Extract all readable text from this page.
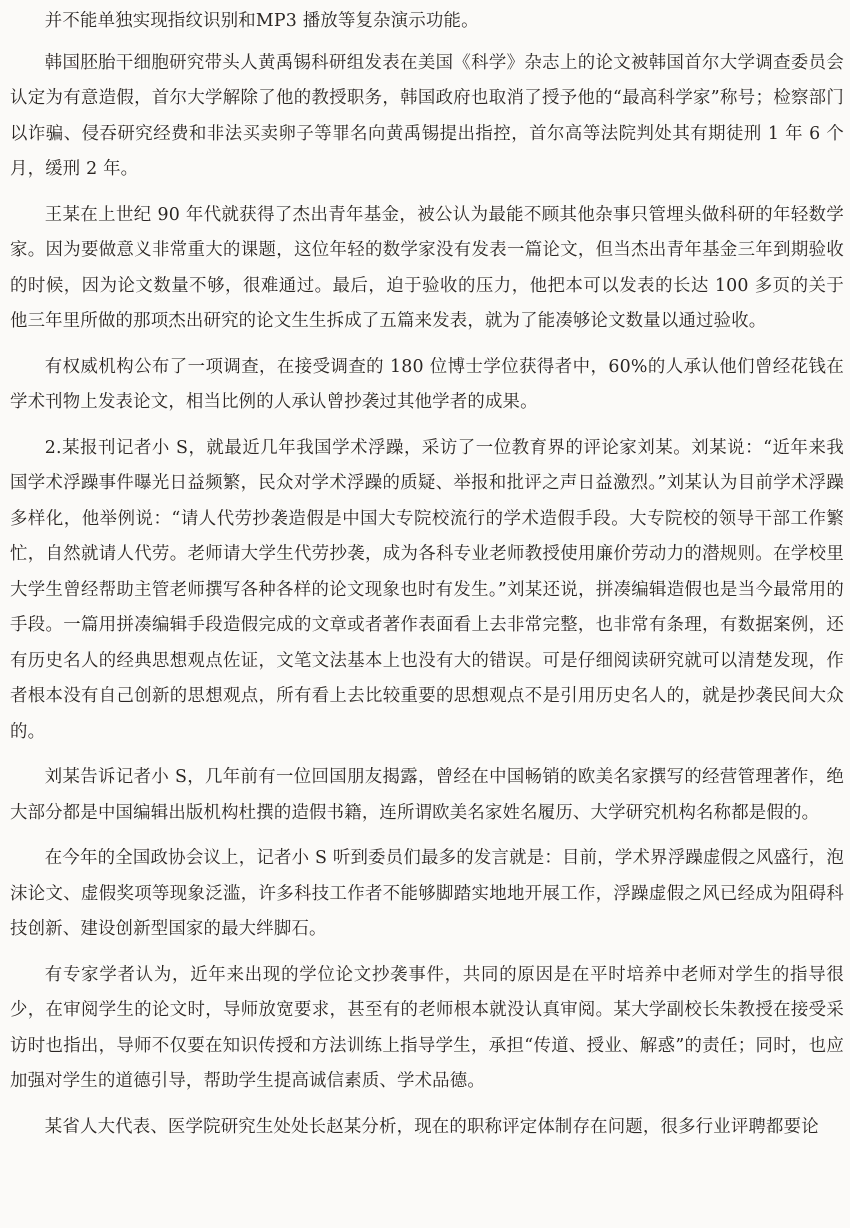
并不能单独实现指纹识别和MP3 播放等复杂演示功能。

韩国胚胎干细胞研究带头人黄禹锡科研组发表在美国《科学》杂志上的论文被韩国首尔大学调查委员会认定为有意造假，首尔大学解除了他的教授职务，韩国政府也取消了授予他的“最高科学家”称号；检察部门以诈骗、侵吞研究经费和非法买卖卵子等罪名向黄禹锡提出指控，首尔高等法院判处其有期徒刑 1 年 6 个月，缓刑 2 年。

王某在上世纪 90 年代就获得了杰出青年基金，被公认为最能不顾其他杂事只管埋头做科研的年轻数学家。因为要做意义非常重大的课题，这位年轻的数学家没有发表一篇论文，但当杰出青年基金三年到期验收的时候，因为论文数量不够，很难通过。最后，迫于验收的压力，他把本可以发表的长达 100 多页的关于他三年里所做的那项杰出研究的论文生生拆成了五篇来发表，就为了能凑够论文数量以通过验收。

有权威机构公布了一项调查，在接受调查的 180 位博士学位获得者中，60%的人承认他们曾经花钱在学术刊物上发表论文，相当比例的人承认曾抄袭过其他学者的成果。

2.某报刊记者小 S，就最近几年我国学术浮躁，采访了一位教育界的评论家刘某。刘某说：“近年来我国学术浮躁事件曝光日益频繁，民众对学术浮躁的质疑、举报和批评之声日益激烈。”刘某认为目前学术浮躁多样化，他举例说：“请人代劳抄袭造假是中国大专院校流行的学术造假手段。大专院校的领导干部工作繁忙，自然就请人代劳。老师请大学生代劳抄袭，成为各科专业老师教授使用廉价劳动力的潜规则。在学校里大学生曾经帮助主管老师撰写各种各样的论文现象也时有发生。”刘某还说，拼凑编辑造假也是当今最常用的手段。一篇用拼凑编辑手段造假完成的文章或者著作表面看上去非常完整，也非常有条理，有数据案例，还有历史名人的经典思想观点佐证，文笔文法基本上也没有大的错误。可是仔细阅读研究就可以清楚发现，作者根本没有自己创新的思想观点，所有看上去比较重要的思想观点不是引用历史名人的，就是抄袭民间大众的。

刘某告诉记者小 S，几年前有一位回国朋友揭露，曾经在中国畅销的欧美名家撰写的经营管理著作，绝大部分都是中国编辑出版机构杜撰的造假书籍，连所谓欧美名家姓名履历、大学研究机构名称都是假的。

在今年的全国政协会议上，记者小 S 听到委员们最多的发言就是：目前，学术界浮躁虚假之风盛行，泡沫论文、虚假奖项等现象泛滥，许多科技工作者不能够脚踏实地地开展工作，浮躁虚假之风已经成为阻碍科技创新、建设创新型国家的最大绊脚石。

有专家学者认为，近年来出现的学位论文抄袭事件，共同的原因是在平时培养中老师对学生的指导很少，在审阅学生的论文时，导师放宽要求，甚至有的老师根本就没认真审阅。某大学副校长朱教授在接受采访时也指出，导师不仅要在知识传授和方法训练上指导学生，承担“传道、授业、解惑”的责任；同时，也应加强对学生的道德引导，帮助学生提高诚信素质、学术品德。

某省人大代表、医学院研究生处处长赵某分析，现在的职称评定体制存在问题，很多行业评聘都要论
